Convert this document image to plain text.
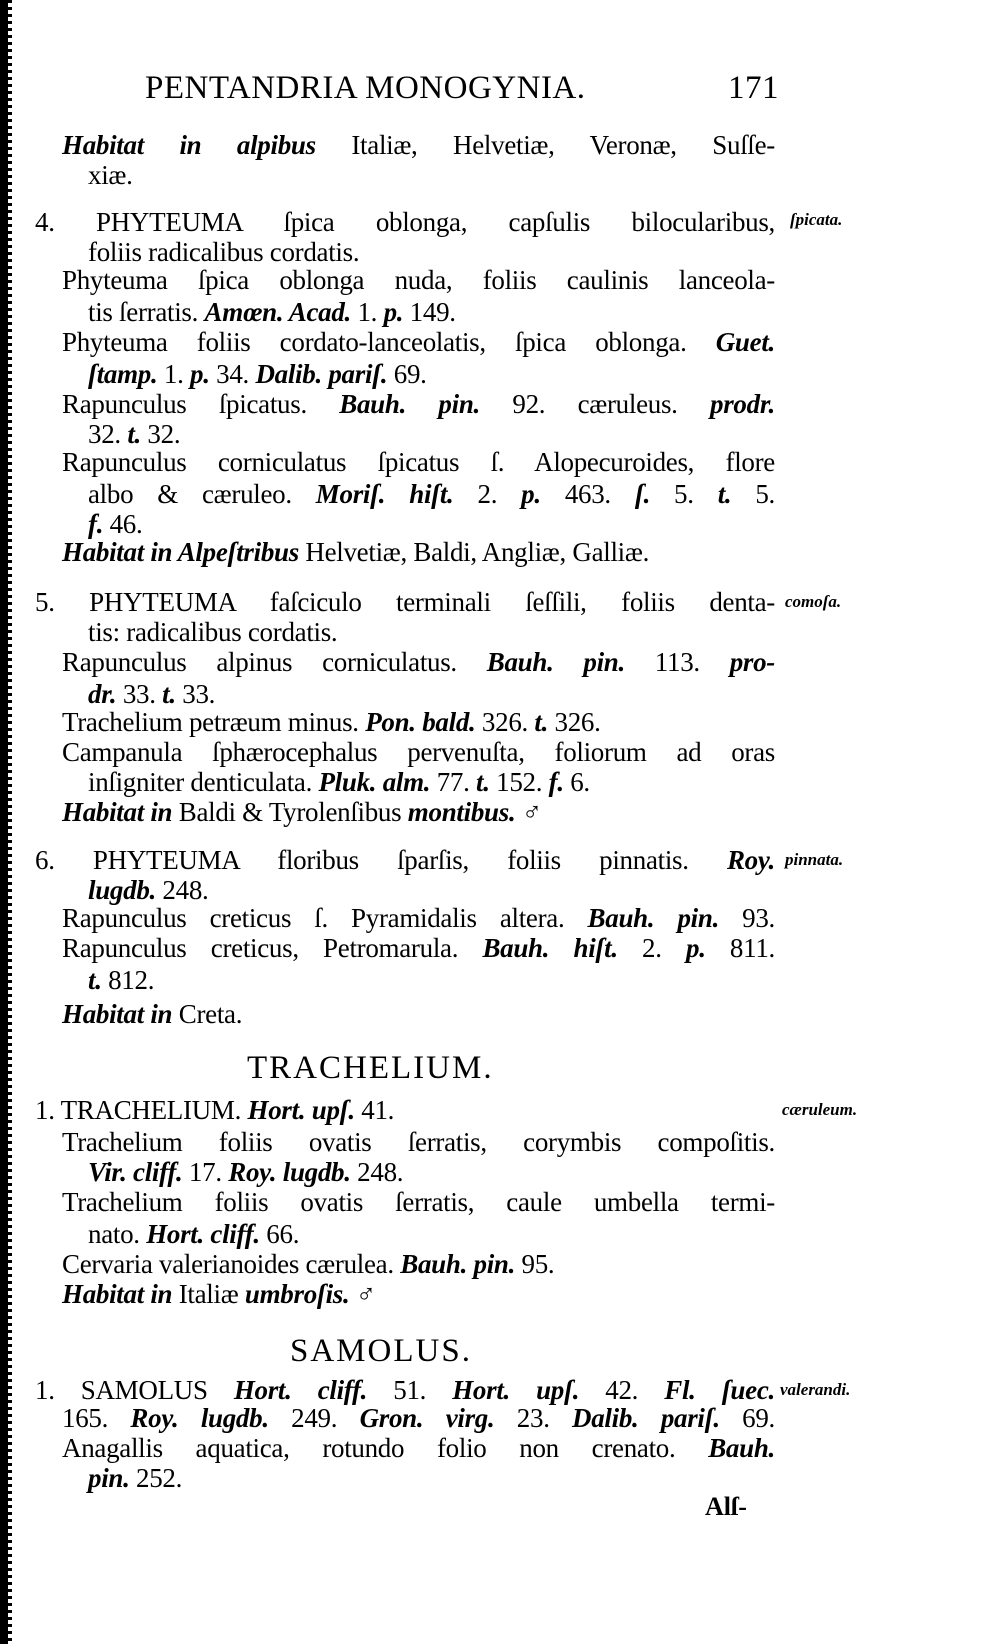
PENTANDRIA MONOGYNIA.	171
TRACHELIUM.
SAMOLUS.
ſpicata.
comoſa.
pinnata.
cæruleum.
valerandi.
Alſ-
Habitat in alpibus Italiæ, Helvetiæ, Veronæ, Suſſe-
xiæ.
4. PHYTEUMA ſpica oblonga, capſulis bilocularibus,
foliis radicalibus cordatis.
Phyteuma ſpica oblonga nuda, foliis caulinis lanceola-
tis ſerratis. Amœn. Acad. 1. p. 149.
Phyteuma foliis cordato-lanceolatis, ſpica oblonga. Guet.
ſtamp. 1. p. 34. Dalib. pariſ. 69.
Rapunculus ſpicatus. Bauh. pin. 92. cæruleus. prodr.
32. t. 32.
Rapunculus corniculatus ſpicatus ſ. Alopecuroides, flore
albo & cæruleo. Moriſ. hiſt. 2. p. 463. ſ. 5. t. 5.
f. 46.
Habitat in Alpeſtribus Helvetiæ, Baldi, Angliæ, Galliæ.
5. PHYTEUMA faſciculo terminali ſeſſili, foliis denta-
tis: radicalibus cordatis.
Rapunculus alpinus corniculatus. Bauh. pin. 113. pro-
dr. 33. t. 33.
Trachelium petræum minus. Pon. bald. 326. t. 326.
Campanula ſphærocephalus pervenuſta, foliorum ad oras
inſigniter denticulata. Pluk. alm. 77. t. 152. f. 6.
Habitat in Baldi & Tyrolenſibus montibus. ♂
6. PHYTEUMA floribus ſparſis, foliis pinnatis. Roy.
lugdb. 248.
Rapunculus creticus ſ. Pyramidalis altera. Bauh. pin. 93.
Rapunculus creticus, Petromarula. Bauh. hiſt. 2. p. 811.
t. 812.
Habitat in Creta.
1. TRACHELIUM. Hort. upſ. 41.
Trachelium foliis ovatis ſerratis, corymbis compoſitis.
Vir. cliff. 17. Roy. lugdb. 248.
Trachelium foliis ovatis ſerratis, caule umbella termi-
nato. Hort. cliff. 66.
Cervaria valerianoides cærulea. Bauh. pin. 95.
Habitat in Italiæ umbroſis. ♂
1. SAMOLUS Hort. cliff. 51. Hort. upſ. 42. Fl. ſuec.
165. Roy. lugdb. 249. Gron. virg. 23. Dalib. pariſ. 69.
Anagallis aquatica, rotundo folio non crenato. Bauh.
pin. 252.
